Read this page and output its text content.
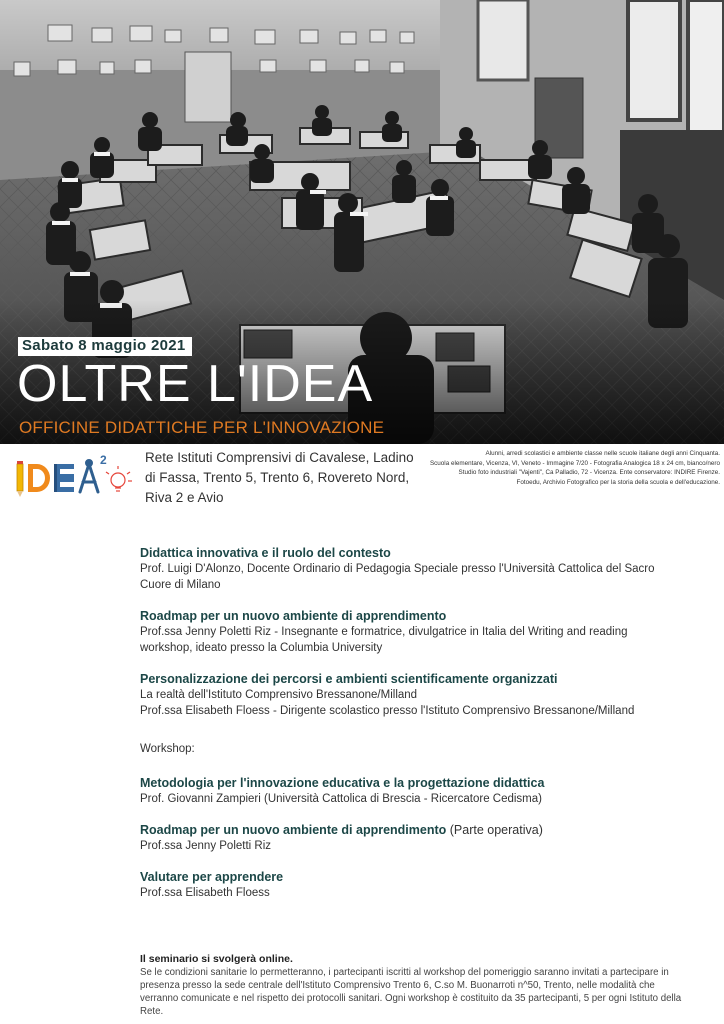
Sabato 8 maggio 2021
OLTRE L'IDEA
OFFICINE DIDATTICHE PER L'INNOVAZIONE
2	Rete Istituti Comprensivi di Cavalese, Ladino di Fassa, Trento 5, Trento 6, Rovereto Nord, Riva 2 e Avio
Alunni, arredi scolastici e ambiente classe nelle scuole italiane degli anni Cinquanta.
Scuola elementare, Vicenza, VI, Veneto - Immagine 7/20 - Fotografia Analogica 18 x 24 cm, bianco/nero
Studio foto industriali "Vajenti", Ca Palladio, 72 - Vicenza. Ente conservatore: INDIRE Firenze.
Fotoedu, Archivio Fotografico per la storia della scuola e dell'educazione.
Didattica innovativa e il ruolo del contesto
Prof. Luigi D'Alonzo, Docente Ordinario di Pedagogia Speciale presso l'Università Cattolica del Sacro Cuore di Milano
Roadmap per un nuovo ambiente di apprendimento
Prof.ssa Jenny Poletti Riz - Insegnante e formatrice, divulgatrice in Italia del Writing and reading workshop, ideato presso la Columbia University
Personalizzazione dei percorsi e ambienti scientificamente organizzati
La realtà dell'Istituto Comprensivo Bressanone/Milland
Prof.ssa Elisabeth Floess - Dirigente scolastico presso l'Istituto Comprensivo Bressanone/Milland
Workshop:
Metodologia per l'innovazione educativa e la progettazione didattica
Prof. Giovanni Zampieri (Università Cattolica di Brescia - Ricercatore Cedisma)
Roadmap per un nuovo ambiente di apprendimento (Parte operativa)
Prof.ssa Jenny Poletti Riz
Valutare per apprendere
Prof.ssa Elisabeth Floess
Il seminario si svolgerà online.
Se le condizioni sanitarie lo permetteranno, i partecipanti iscritti al workshop del pomeriggio saranno invitati a partecipare in presenza presso la sede centrale dell'Istituto Comprensivo Trento 6, C.so M. Buonarroti n^50, Trento, nelle modalità che verranno comunicate e nel rispetto dei protocolli sanitari. Ogni workshop è costituito da 35 partecipanti, 5 per ogni Istituto della Rete.
